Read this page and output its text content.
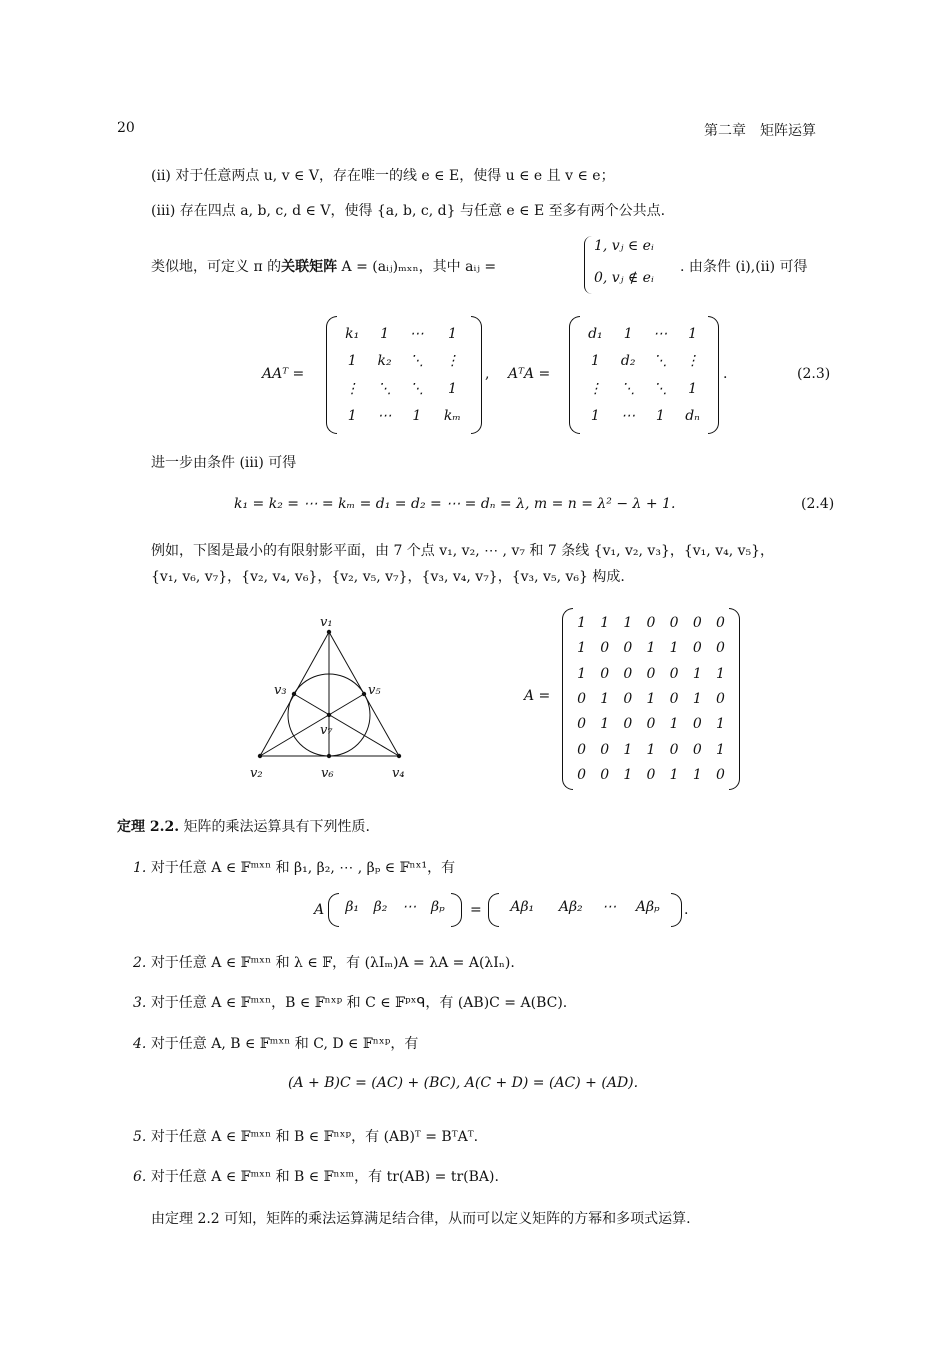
20	第二章　矩阵运算
(ii) 对于任意两点 u, v ∈ V，存在唯一的线 e ∈ E，使得 u ∈ e 且 v ∈ e；
(iii) 存在四点 a, b, c, d ∈ V，使得 {a, b, c, d} 与任意 e ∈ E 至多有两个公共点.
类似地，可定义 π 的关联矩阵 A = (aᵢⱼ)ₘₓₙ，其中 aᵢⱼ =
1, vⱼ ∈ eᵢ
0, vⱼ ∉ eᵢ
. 由条件 (i),(ii) 可得
AAᵀ =
k₁	1	⋯	1
1	k₂	⋱	⋮
⋮	⋱	⋱	1
1	⋯	1	kₘ
, AᵀA =
d₁	1	⋯	1
1	d₂	⋱	⋮
⋮	⋱	⋱	1
1	⋯	1	dₙ
.	(2.3)
进一步由条件 (iii) 可得
k₁ = k₂ = ⋯ = kₘ = d₁ = d₂ = ⋯ = dₙ = λ, m = n = λ² − λ + 1.	(2.4)
例如，下图是最小的有限射影平面，由 7 个点 v₁, v₂, ⋯ , v₇ 和 7 条线 {v₁, v₂, v₃}，{v₁, v₄, v₅}，
{v₁, v₆, v₇}，{v₂, v₄, v₆}，{v₂, v₅, v₇}，{v₃, v₄, v₇}，{v₃, v₅, v₆} 构成.
v₁
v₂
v₃
v₄
v₅
v₆
v₇
A =
1	1	1	0	0	0	0
1	0	0	1	1	0	0
1	0	0	0	0	1	1
0	1	0	1	0	1	0
0	1	0	0	1	0	1
0	0	1	1	0	0	1
0	0	1	0	1	1	0
定理 2.2. 矩阵的乘法运算具有下列性质.
1. 对于任意 A ∈ 𝔽ᵐˣⁿ 和 β₁, β₂, ⋯ , βₚ ∈ 𝔽ⁿˣ¹，有
A β₁	β₂	⋯	βₚ = Aβ₁	Aβ₂	⋯	Aβₚ .
2. 对于任意 A ∈ 𝔽ᵐˣⁿ 和 λ ∈ 𝔽，有 (λIₘ)A = λA = A(λIₙ).
3. 对于任意 A ∈ 𝔽ᵐˣⁿ，B ∈ 𝔽ⁿˣᵖ 和 C ∈ 𝔽ᵖˣᑫ，有 (AB)C = A(BC).
4. 对于任意 A, B ∈ 𝔽ᵐˣⁿ 和 C, D ∈ 𝔽ⁿˣᵖ，有
(A + B)C = (AC) + (BC), A(C + D) = (AC) + (AD).
5. 对于任意 A ∈ 𝔽ᵐˣⁿ 和 B ∈ 𝔽ⁿˣᵖ，有 (AB)ᵀ = BᵀAᵀ.
6. 对于任意 A ∈ 𝔽ᵐˣⁿ 和 B ∈ 𝔽ⁿˣᵐ，有 tr(AB) = tr(BA).
由定理 2.2 可知，矩阵的乘法运算满足结合律，从而可以定义矩阵的方幂和多项式运算.
